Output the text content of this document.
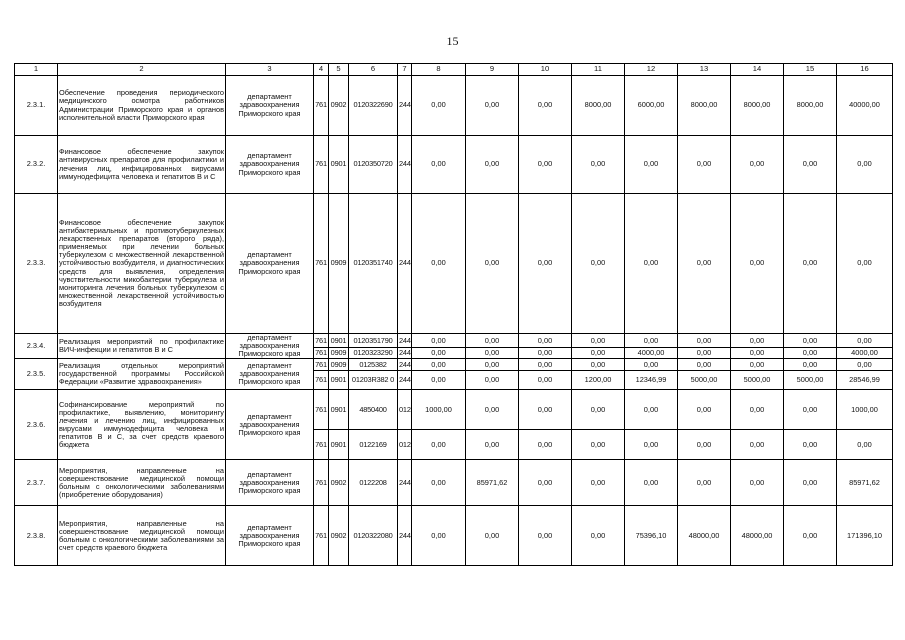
15
1	2	3	4	5	6	7	8	9	10	11	12	13	14	15	16
2.3.1.	Обеспечение проведения периодического медицинского осмотра работников Администрации Приморского края и органов исполнительной власти Приморского края	департамент здравоохранения Приморского края	761	0902	0120322690	244	0,00	0,00	0,00	8000,00	6000,00	8000,00	8000,00	8000,00	40000,00
2.3.2.	Финансовое обеспечение закупок антивирусных препаратов для профилактики и лечения лиц, инфицированных вирусами иммунодефицита человека и гепатитов В и С	департамент здравоохранения Приморского края	761	0901	0120350720	244	0,00	0,00	0,00	0,00	0,00	0,00	0,00	0,00	0,00
2.3.3.	Финансовое обеспечение закупок антибактериальных и противотуберкулезных лекарственных препаратов (второго ряда), применяемых при лечении больных туберкулезом с множественной лекарственной устойчивостью возбудителя, и диагностических средств для выявления, определения чувствительности микобактерии туберкулеза и мониторинга лечения больных туберкулезом с множественной лекарственной устойчивостью возбудителя	департамент здравоохранения Приморского края	761	0909	0120351740	244	0,00	0,00	0,00	0,00	0,00	0,00	0,00	0,00	0,00
2.3.4.	Реализация мероприятий по профилактике ВИЧ-инфекции и гепатитов В и С	департамент здравоохранения Приморского края	761	0901	0120351790	244	0,00	0,00	0,00	0,00	0,00	0,00	0,00	0,00	0,00
			761	0909	0120323290	244	0,00	0,00	0,00	0,00	4000,00	0,00	0,00	0,00	4000,00
2.3.5.	Реализация отдельных мероприятий государственной программы Российской Федерации «Развитие здравоохранения»	департамент здравоохранения Приморского края	761	0909	0125382	244	0,00	0,00	0,00	0,00	0,00	0,00	0,00	0,00	0,00
			761	0901	01203R382 0	244	0,00	0,00	0,00	1200,00	12346,99	5000,00	5000,00	5000,00	28546,99
2.3.6.	Софинансирование мероприятий по профилактике, выявлению, мониторингу лечения и лечению лиц, инфицированных вирусами иммунодефицита человека и гепатитов В и С, за счет средств краевого бюджета	департамент здравоохранения Приморского края	761	0901	4850400	012	1000,00	0,00	0,00	0,00	0,00	0,00	0,00	0,00	1000,00
			761	0901	0122169	012	0,00	0,00	0,00	0,00	0,00	0,00	0,00	0,00	0,00
2.3.7.	Мероприятия, направленные на совершенствование медицинской помощи больным с онкологическими заболеваниями (приобретение оборудования)	департамент здравоохранения Приморского края	761	0902	0122208	244	0,00	85971,62	0,00	0,00	0,00	0,00	0,00	0,00	85971,62
2.3.8.	Мероприятия, направленные на совершенствование медицинской помощи больным с онкологическими заболеваниями за счет средств краевого бюджета	департамент здравоохранения Приморского края	761	0902	0120322080	244	0,00	0,00	0,00	0,00	75396,10	48000,00	48000,00	0,00	171396,10
